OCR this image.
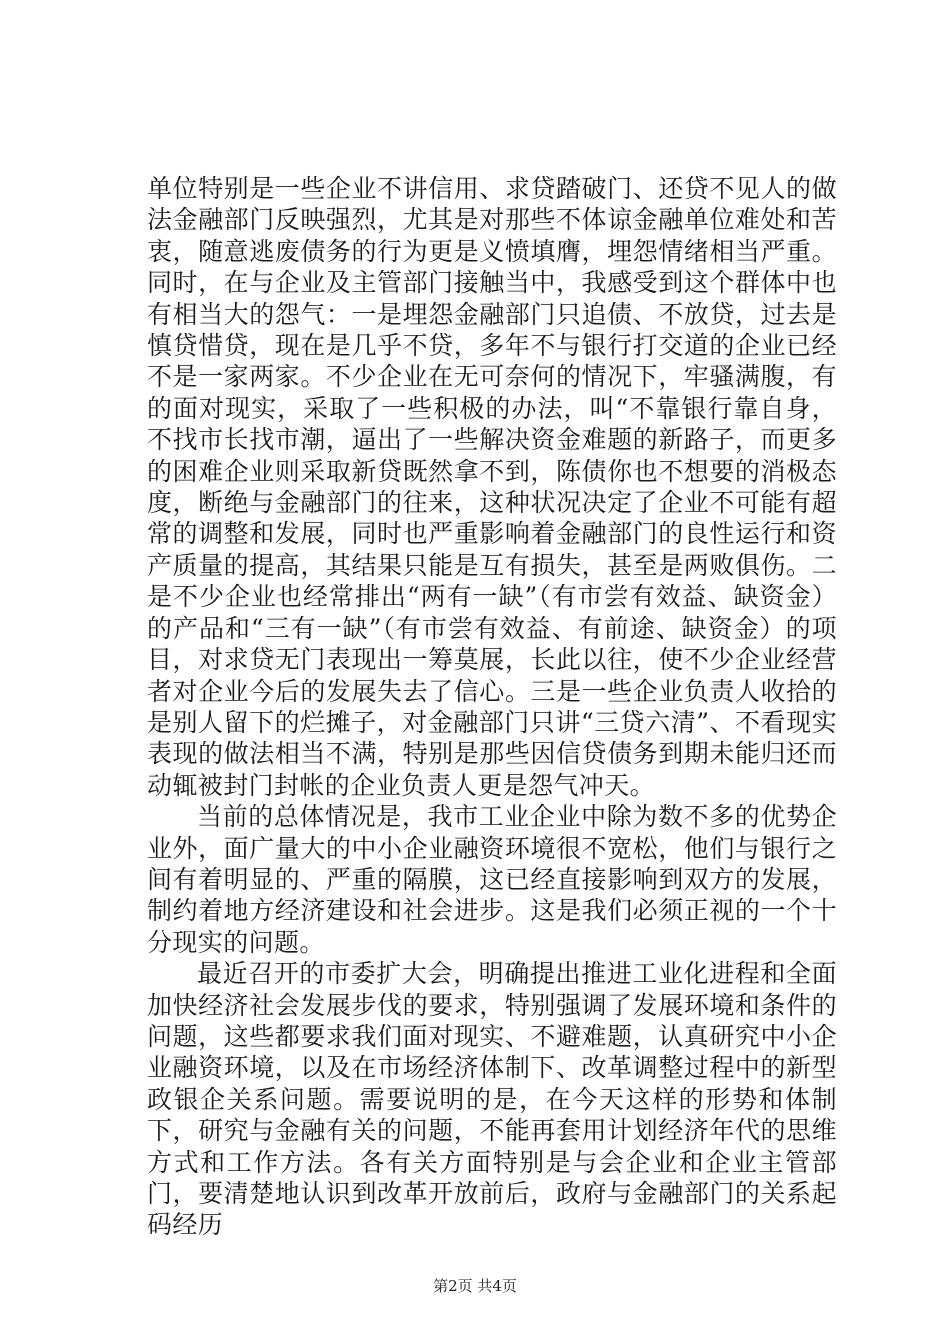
单位特别是一些企业不讲信用、求贷踏破门、还贷不见人的做法金融部门反映强烈，尤其是对那些不体谅金融单位难处和苦衷，随意逃废债务的行为更是义愤填膺，埋怨情绪相当严重。同时，在与企业及主管部门接触当中，我感受到这个群体中也有相当大的怨气：一是埋怨金融部门只追债、不放贷，过去是慎贷惜贷，现在是几乎不贷，多年不与银行打交道的企业已经不是一家两家。不少企业在无可奈何的情况下，牢骚满腹，有的面对现实，采取了一些积极的办法，叫“不靠银行靠自身，不找市长找市潮，逼出了一些解决资金难题的新路子，而更多的困难企业则采取新贷既然拿不到，陈债你也不想要的消极态度，断绝与金融部门的往来，这种状况决定了企业不可能有超常的调整和发展，同时也严重影响着金融部门的良性运行和资产质量的提高，其结果只能是互有损失，甚至是两败俱伤。二是不少企业也经常排出“两有一缺”（有市尝有效益、缺资金）的产品和“三有一缺”（有市尝有效益、有前途、缺资金）的项目，对求贷无门表现出一筹莫展，长此以往，使不少企业经营者对企业今后的发展失去了信心。三是一些企业负责人收拾的是别人留下的烂摊子，对金融部门只讲“三贷六清”、不看现实表现的做法相当不满，特别是那些因信贷债务到期未能归还而动辄被封门封帐的企业负责人更是怨气冲天。

当前的总体情况是，我市工业企业中除为数不多的优势企业外，面广量大的中小企业融资环境很不宽松，他们与银行之间有着明显的、严重的隔膜，这已经直接影响到双方的发展，制约着地方经济建设和社会进步。这是我们必须正视的一个十分现实的问题。

最近召开的市委扩大会，明确提出推进工业化进程和全面加快经济社会发展步伐的要求，特别强调了发展环境和条件的问题，这些都要求我们面对现实、不避难题，认真研究中小企业融资环境，以及在市场经济体制下、改革调整过程中的新型政银企关系问题。需要说明的是，在今天这样的形势和体制下，研究与金融有关的问题，不能再套用计划经济年代的思维方式和工作方法。各有关方面特别是与会企业和企业主管部门，要清楚地认识到改革开放前后，政府与金融部门的关系起码经历

第2页 共4页
